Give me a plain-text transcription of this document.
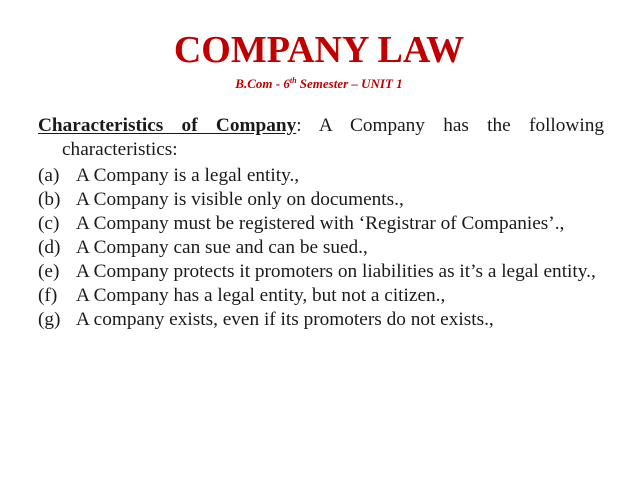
COMPANY LAW
B.Com - 6th Semester – UNIT 1

Characteristics of Company: A Company has the following characteristics:

(a) A Company is a legal entity.,
(b) A Company is visible only on documents.,
(c) A Company must be registered with ‘Registrar of Companies’.,
(d) A Company can sue and can be sued.,
(e) A Company protects it promoters on liabilities as it’s a legal entity.,
(f) A Company has a legal entity, but not a citizen.,
(g) A company exists, even if its promoters do not exists.,
